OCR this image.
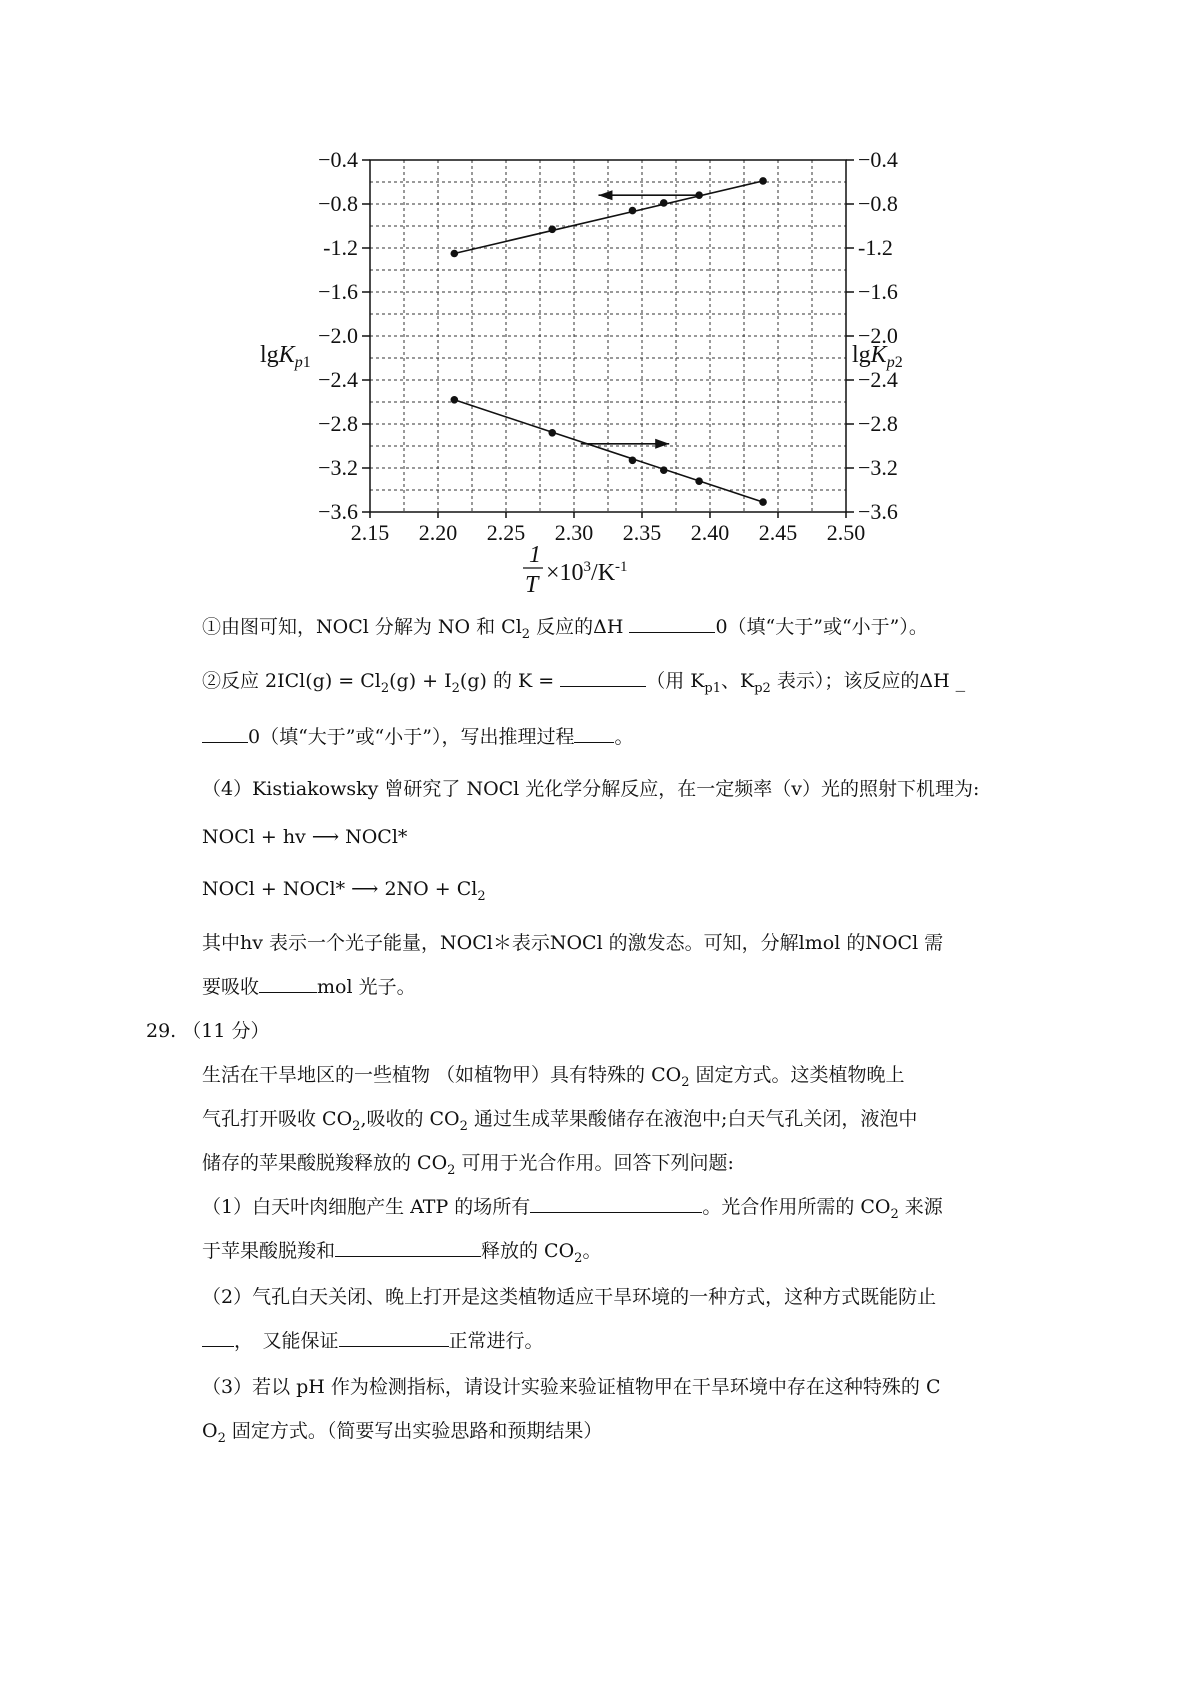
−0.4
−0.8
-1.2
−1.6
−2.0
−2.4
−2.8
−3.2
−3.6
−0.4
−0.8
-1.2
−1.6
−2.0
−2.4
−2.8
−3.2
−3.6
2.15 2.20 2.25 2.30 2.35 2.40 2.45 2.50
lgK$_p$1	lgK$_p$2
1
$T \times 10^3/K^{-1}$
①由图可知，NOCl 分解为 NO 和 $Cl_2$ 反应的ΔH	0（填“大于”或“小于”）。
②反应 $2ICl(g) = Cl_2(g) + I_2(g)$ 的 K =	（用 $K_{p1}$、$K_{p2}$ 表示）；该反应的ΔH _
0（填“大于”或“小于”），写出推理过程 。
（4）Kistiakowsky 曾研究了 NOCl 光化学分解反应，在一定频率（v）光的照射下机理为:
NOCl + hv ⟶ NOCl*
NOCl + NOCl* ⟶ $2NO + Cl_2$
其中hv 表示一个光子能量，NOCl＊表示NOCl 的激发态。可知，分解lmol 的NOCl 需
要吸收	mol 光子。
29. （11 分）
生活在干旱地区的一些植物 （如植物甲）具有特殊的 $CO_2$ 固定方式。这类植物晚上
气孔打开吸收 $CO_2$,吸收的 $CO_2$ 通过生成苹果酸储存在液泡中;白天气孔关闭，液泡中
储存的苹果酸脱羧释放的 $CO_2$ 可用于光合作用。回答下列问题:
（1）白天叶肉细胞产生 ATP 的场所有	。光合作用所需的 $CO_2$ 来源
于苹果酸脱羧和	释放的 $CO_2$。
（2）气孔白天关闭、晚上打开是这类植物适应干旱环境的一种方式，这种方式既能防止
，　又能保证	正常进行。
（3）若以 pH 作为检测指标，请设计实验来验证植物甲在干旱环境中存在这种特殊的 C
$O_2$ 固定方式。（简要写出实验思路和预期结果）
